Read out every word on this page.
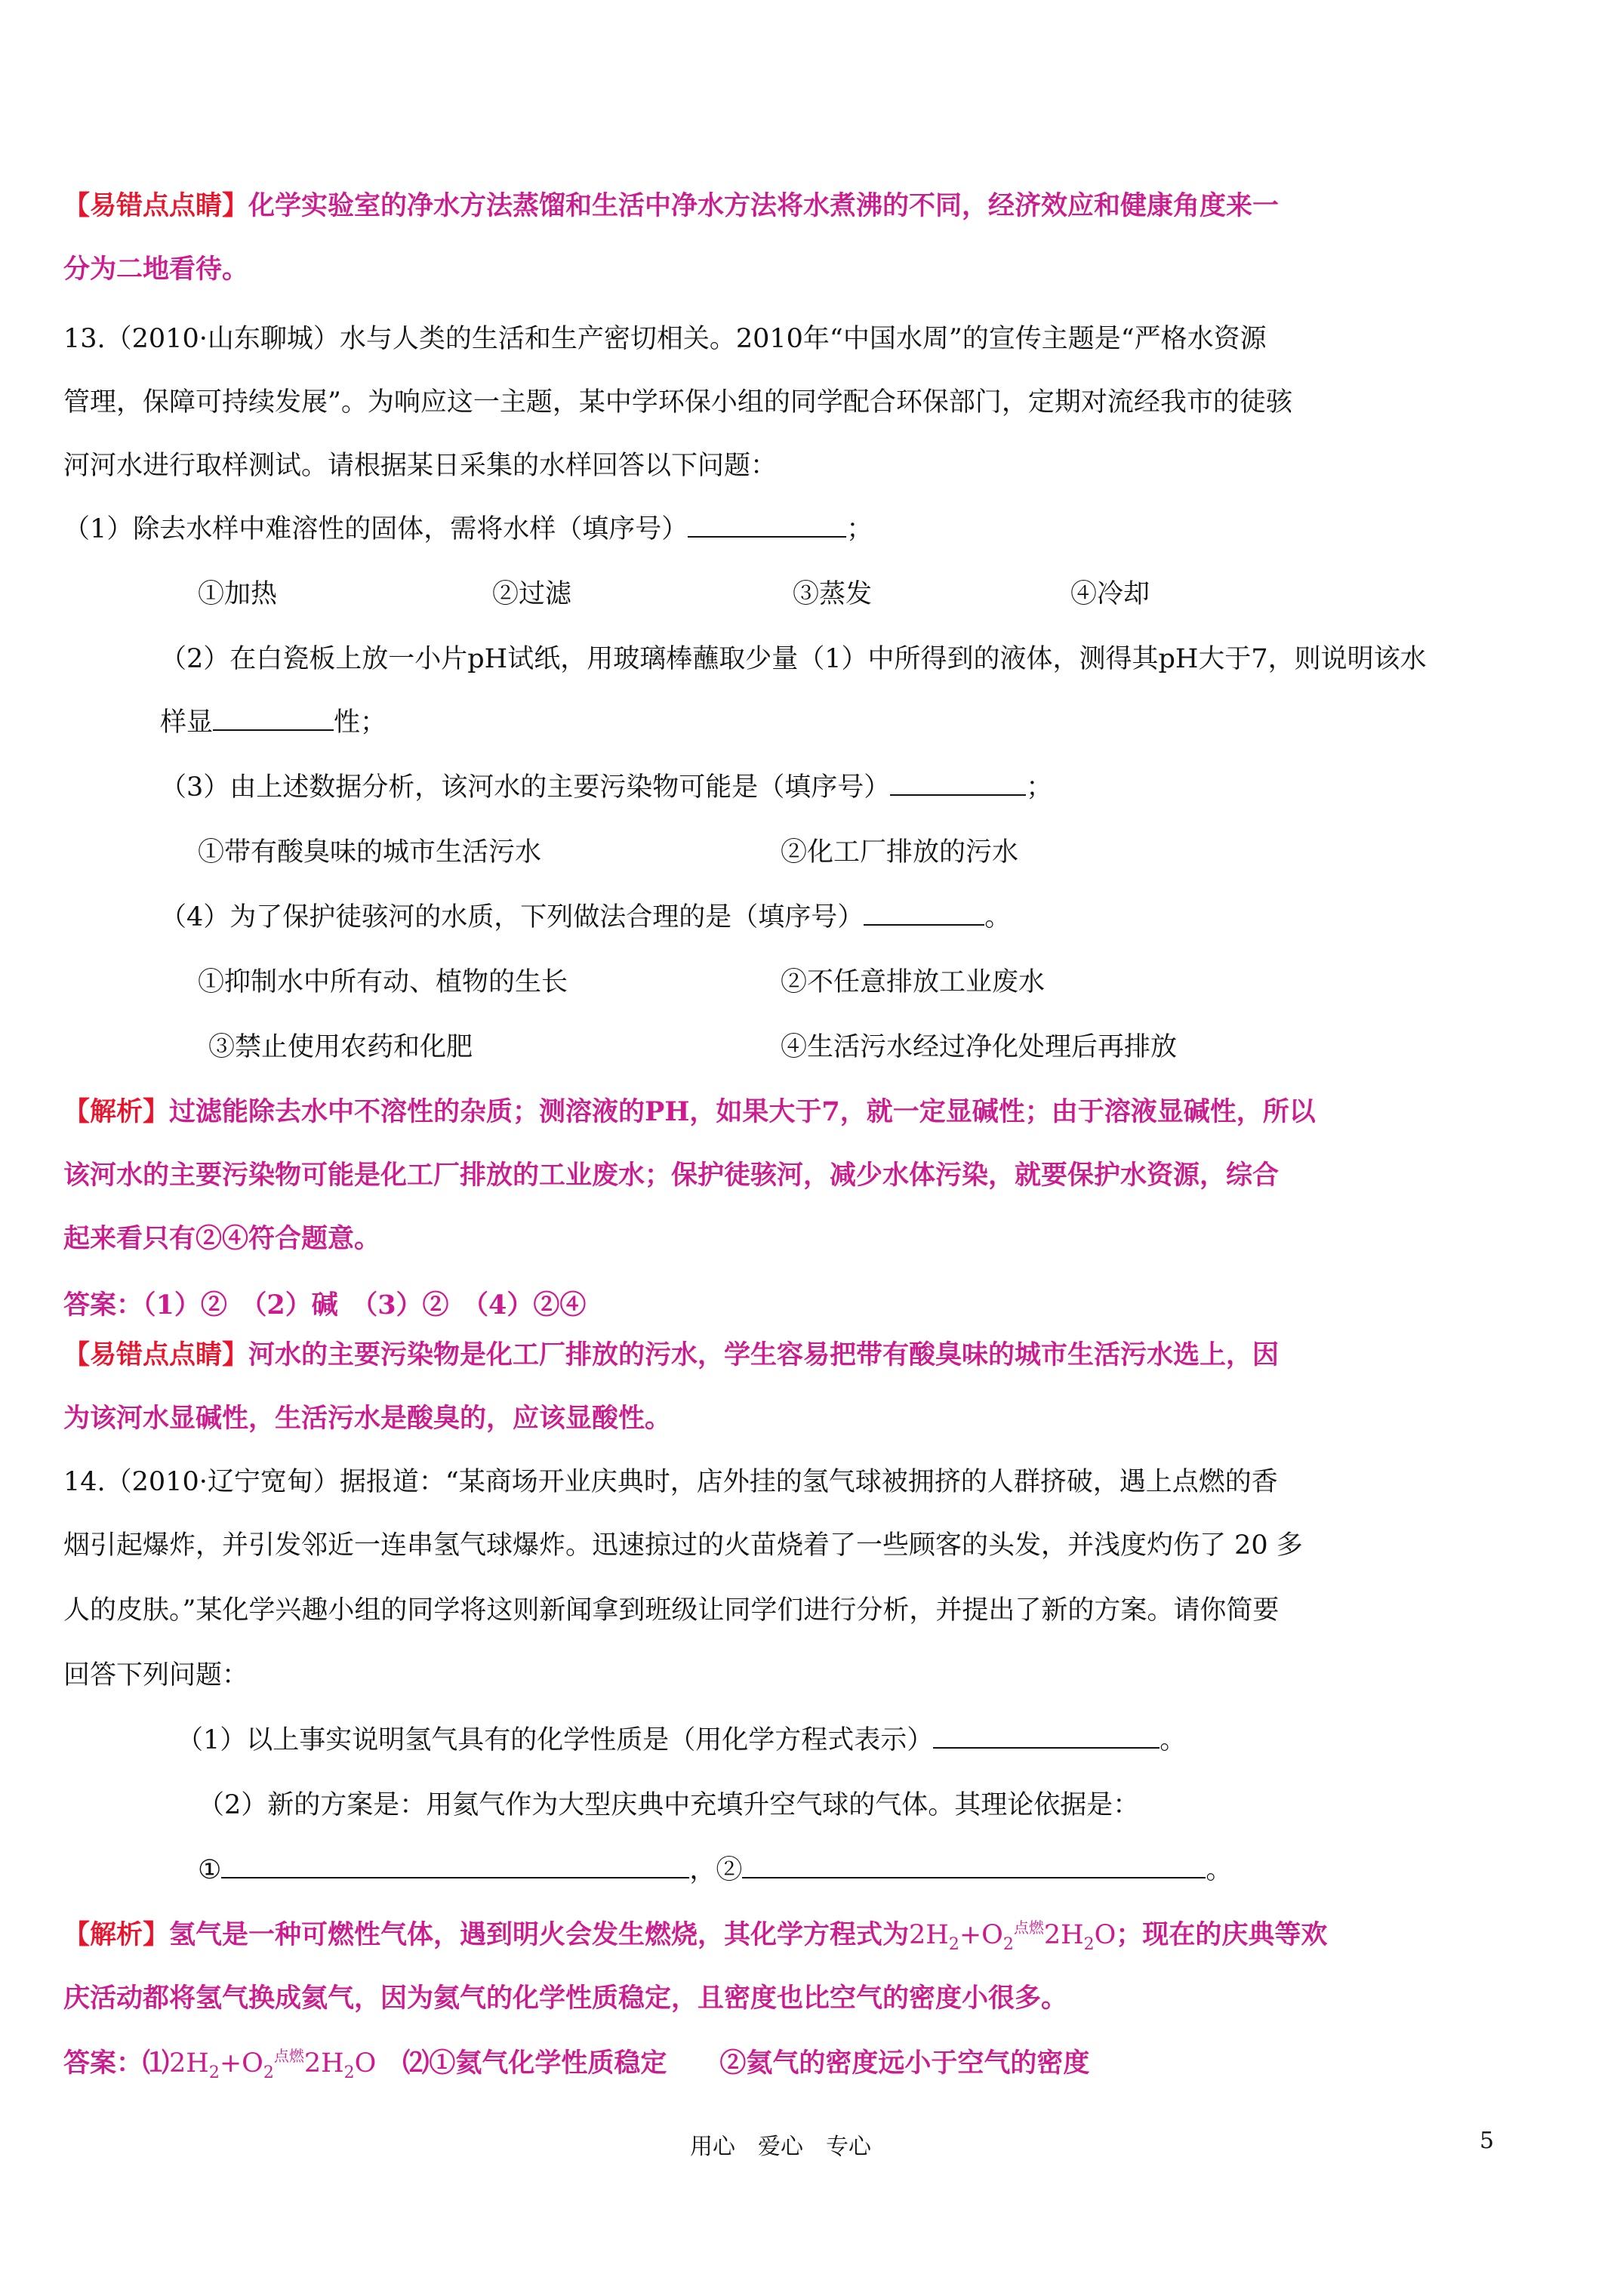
【易错点点睛】化学实验室的净水方法蒸馏和生活中净水方法将水煮沸的不同，经济效应和健康角度来一
分为二地看待。
13.（2010·山东聊城）水与人类的生活和生产密切相关。2010年“中国水周”的宣传主题是“严格水资源
管理，保障可持续发展”。为响应这一主题，某中学环保小组的同学配合环保部门，定期对流经我市的徒骇
河河水进行取样测试。请根据某日采集的水样回答以下问题：
（1）除去水样中难溶性的固体，需将水样（填序号）	；
①加热	②过滤	③蒸发	④冷却
（2）在白瓷板上放一小片pH试纸，用玻璃棒蘸取少量（1）中所得到的液体，测得其pH大于7，则说明该水
样显	性；
（3）由上述数据分析，该河水的主要污染物可能是（填序号）	；
①带有酸臭味的城市生活污水	②化工厂排放的污水
（4）为了保护徒骇河的水质，下列做法合理的是（填序号）	。
①抑制水中所有动、植物的生长	②不任意排放工业废水
③禁止使用农药和化肥	④生活污水经过净化处理后再排放
【解析】过滤能除去水中不溶性的杂质；测溶液的PH，如果大于7，就一定显碱性；由于溶液显碱性，所以
该河水的主要污染物可能是化工厂排放的工业废水；保护徒骇河，减少水体污染，就要保护水资源，综合
起来看只有②④符合题意。
答案：（1）②　（2）碱　（3）②　（4）②④
【易错点点睛】河水的主要污染物是化工厂排放的污水，学生容易把带有酸臭味的城市生活污水选上，因
为该河水显碱性，生活污水是酸臭的，应该显酸性。
14.（2010·辽宁宽甸）据报道：“某商场开业庆典时，店外挂的氢气球被拥挤的人群挤破，遇上点燃的香
烟引起爆炸，并引发邻近一连串氢气球爆炸。迅速掠过的火苗烧着了一些顾客的头发，并浅度灼伤了 20 多
人的皮肤。”某化学兴趣小组的同学将这则新闻拿到班级让同学们进行分析，并提出了新的方案。请你简要
回答下列问题：
（1）以上事实说明氢气具有的化学性质是（用化学方程式表示）	。
（2）新的方案是：用氦气作为大型庆典中充填升空气球的气体。其理论依据是：
①	，②	。
【解析】氢气是一种可燃性气体，遇到明火会发生燃烧，其化学方程式为$2H_2+O_2^{点燃}2H_2O$；现在的庆典等欢
庆活动都将氢气换成氦气，因为氦气的化学性质稳定，且密度也比空气的密度小很多。
答案：$⑴2H_2+O_2^{点燃}2H_2O$　⑵①氦气化学性质稳定　　②氦气的密度远小于空气的密度
用心　爱心　专心	5
